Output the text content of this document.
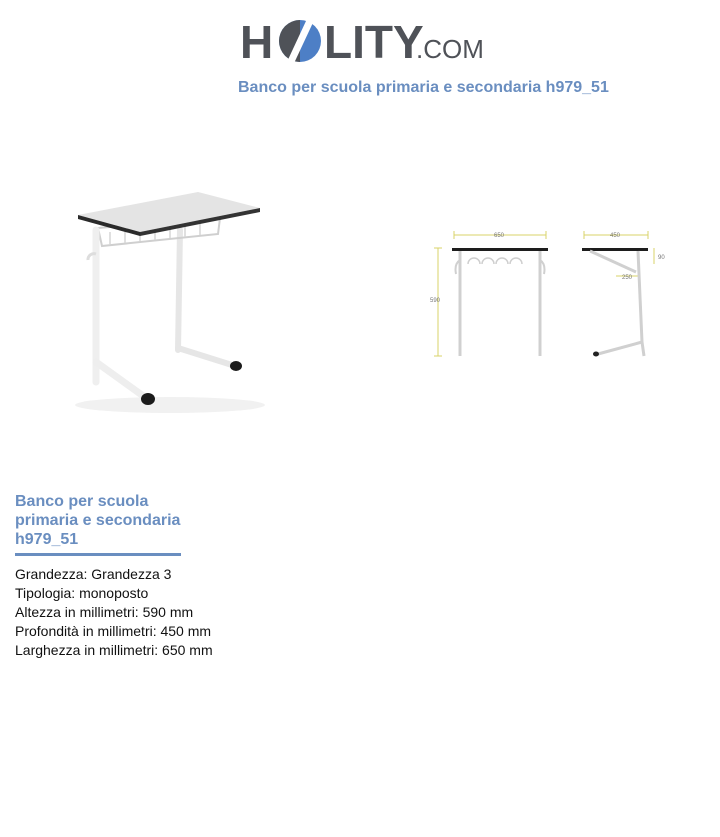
H LITY
.COM
Banco per scuola primaria e secondaria h979_51
650
590
450
90
250
Banco per scuola primaria e secondaria h979_51
Grandezza: Grandezza 3
Tipologia: monoposto
Altezza in millimetri: 590 mm
Profondità in millimetri: 450 mm
Larghezza in millimetri: 650 mm
